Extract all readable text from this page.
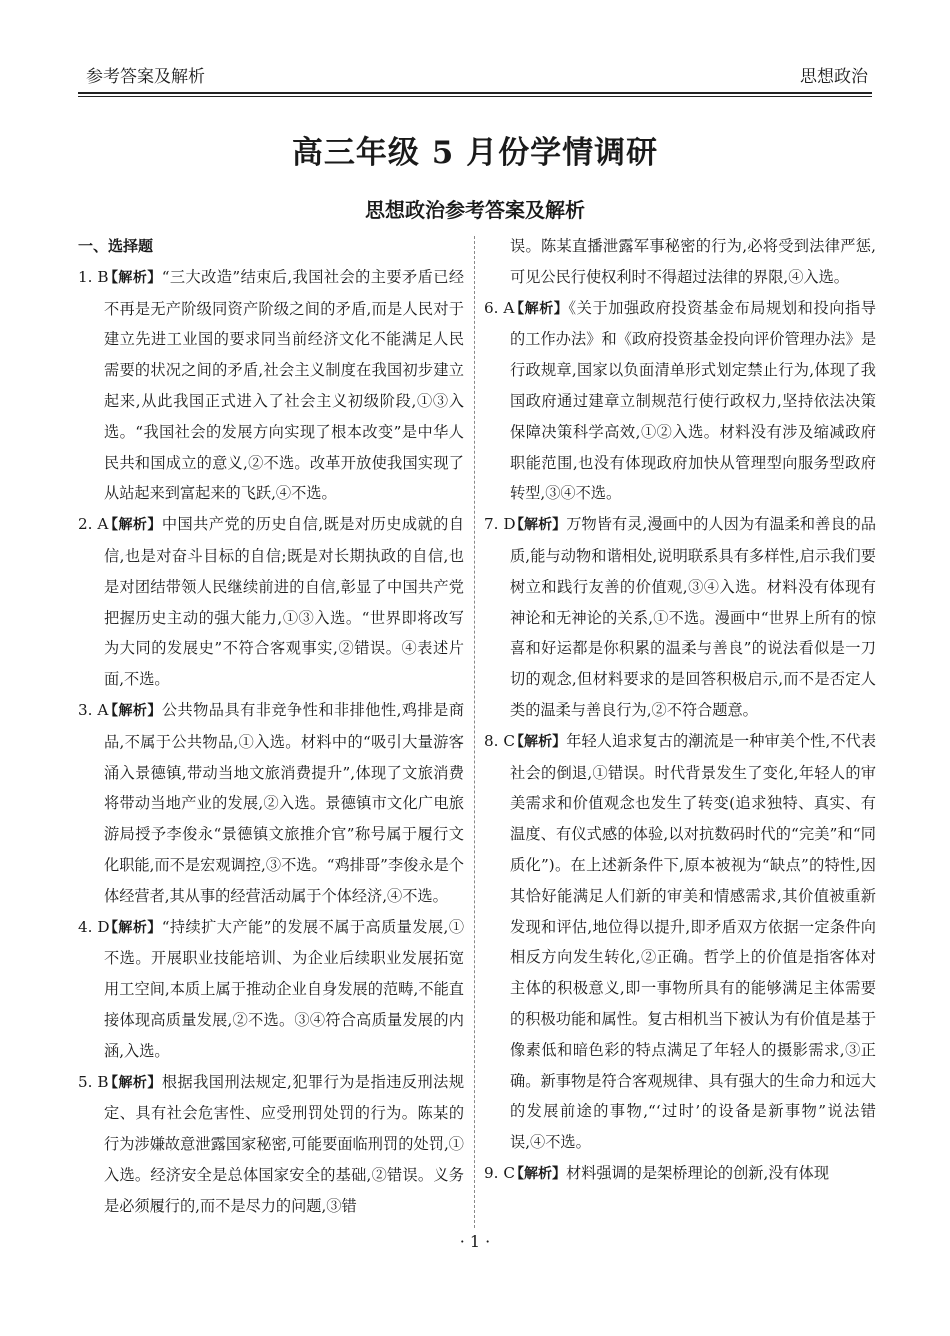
参考答案及解析	思想政治
高三年级 5 月份学情调研
思想政治参考答案及解析
一、选择题
1. B
【解析】“三大改造”结束后,我国社会的主要矛盾已经不再是无产阶级同资产阶级之间的矛盾,而是人民对于建立先进工业国的要求同当前经济文化不能满足人民需要的状况之间的矛盾,社会主义制度在我国初步建立起来,从此我国正式进入了社会主义初级阶段,①③入选。“我国社会的发展方向实现了根本改变”是中华人民共和国成立的意义,②不选。改革开放使我国实现了从站起来到富起来的飞跃,④不选。
2. A
【解析】中国共产党的历史自信,既是对历史成就的自信,也是对奋斗目标的自信;既是对长期执政的自信,也是对团结带领人民继续前进的自信,彰显了中国共产党把握历史主动的强大能力,①③入选。“世界即将改写为大同的发展史”不符合客观事实,②错误。④表述片面,不选。
3. A
【解析】公共物品具有非竞争性和非排他性,鸡排是商品,不属于公共物品,①入选。材料中的“吸引大量游客涌入景德镇,带动当地文旅消费提升”,体现了文旅消费将带动当地产业的发展,②入选。景德镇市文化广电旅游局授予李俊永“景德镇文旅推介官”称号属于履行文化职能,而不是宏观调控,③不选。“鸡排哥”李俊永是个体经营者,其从事的经营活动属于个体经济,④不选。
4. D
【解析】“持续扩大产能”的发展不属于高质量发展,①不选。开展职业技能培训、为企业后续职业发展拓宽用工空间,本质上属于推动企业自身发展的范畴,不能直接体现高质量发展,②不选。③④符合高质量发展的内涵,入选。
5. B
【解析】根据我国刑法规定,犯罪行为是指违反刑法规定、具有社会危害性、应受刑罚处罚的行为。陈某的行为涉嫌故意泄露国家秘密,可能要面临刑罚的处罚,①入选。经济安全是总体国家安全的基础,②错误。义务是必须履行的,而不是尽力的问题,③错
误。陈某直播泄露军事秘密的行为,必将受到法律严惩,可见公民行使权利时不得超过法律的界限,④入选。
6. A
【解析】《关于加强政府投资基金布局规划和投向指导的工作办法》和《政府投资基金投向评价管理办法》是行政规章,国家以负面清单形式划定禁止行为,体现了我国政府通过建章立制规范行使行政权力,坚持依法决策保障决策科学高效,①②入选。材料没有涉及缩减政府职能范围,也没有体现政府加快从管理型向服务型政府转型,③④不选。
7. D
【解析】万物皆有灵,漫画中的人因为有温柔和善良的品质,能与动物和谐相处,说明联系具有多样性,启示我们要树立和践行友善的价值观,③④入选。材料没有体现有神论和无神论的关系,①不选。漫画中“世界上所有的惊喜和好运都是你积累的温柔与善良”的说法看似是一刀切的观念,但材料要求的是回答积极启示,而不是否定人类的温柔与善良行为,②不符合题意。
8. C
【解析】年轻人追求复古的潮流是一种审美个性,不代表社会的倒退,①错误。时代背景发生了变化,年轻人的审美需求和价值观念也发生了转变(追求独特、真实、有温度、有仪式感的体验,以对抗数码时代的“完美”和“同质化”)。在上述新条件下,原本被视为“缺点”的特性,因其恰好能满足人们新的审美和情感需求,其价值被重新发现和评估,地位得以提升,即矛盾双方依据一定条件向相反方向发生转化,②正确。哲学上的价值是指客体对主体的积极意义,即一事物所具有的能够满足主体需要的积极功能和属性。复古相机当下被认为有价值是基于像素低和暗色彩的特点满足了年轻人的摄影需求,③正确。新事物是符合客观规律、具有强大的生命力和远大的发展前途的事物,“‘过时’的设备是新事物”说法错误,④不选。
9. C
【解析】材料强调的是架桥理论的创新,没有体现
· 1 ·
